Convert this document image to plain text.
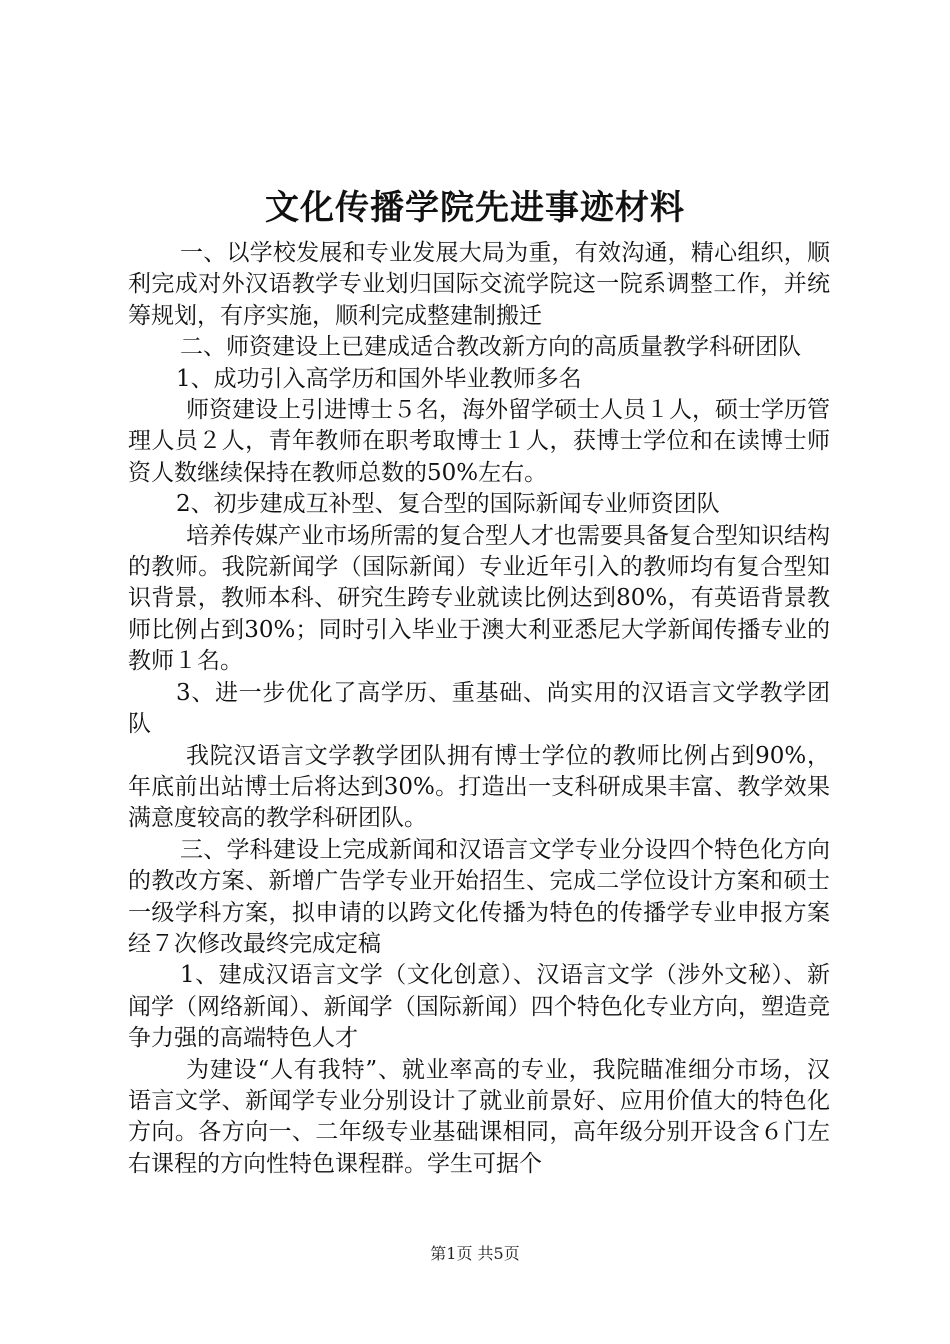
文化传播学院先进事迹材料

一、以学校发展和专业发展大局为重，有效沟通，精心组织，顺利完成对外汉语教学专业划归国际交流学院这一院系调整工作，并统筹规划，有序实施，顺利完成整建制搬迁

二、师资建设上已建成适合教改新方向的高质量教学科研团队

1、成功引入高学历和国外毕业教师多名

师资建设上引进博士５名，海外留学硕士人员１人，硕士学历管理人员２人，青年教师在职考取博士１人，获博士学位和在读博士师资人数继续保持在教师总数的50%左右。

2、初步建成互补型、复合型的国际新闻专业师资团队

培养传媒产业市场所需的复合型人才也需要具备复合型知识结构的教师。我院新闻学（国际新闻）专业近年引入的教师均有复合型知识背景，教师本科、研究生跨专业就读比例达到80%，有英语背景教师比例占到30%；同时引入毕业于澳大利亚悉尼大学新闻传播专业的教师１名。

3、进一步优化了高学历、重基础、尚实用的汉语言文学教学团队

我院汉语言文学教学团队拥有博士学位的教师比例占到90%，年底前出站博士后将达到30%。打造出一支科研成果丰富、教学效果满意度较高的教学科研团队。

三、学科建设上完成新闻和汉语言文学专业分设四个特色化方向的教改方案、新增广告学专业开始招生、完成二学位设计方案和硕士一级学科方案，拟申请的以跨文化传播为特色的传播学专业申报方案经７次修改最终完成定稿

1、建成汉语言文学（文化创意）、汉语言文学（涉外文秘）、新闻学（网络新闻）、新闻学（国际新闻）四个特色化专业方向，塑造竞争力强的高端特色人才

为建设“人有我特”、就业率高的专业，我院瞄准细分市场，汉语言文学、新闻学专业分别设计了就业前景好、应用价值大的特色化方向。各方向一、二年级专业基础课相同，高年级分别开设含６门左右课程的方向性特色课程群。学生可据个

第1页 共5页
